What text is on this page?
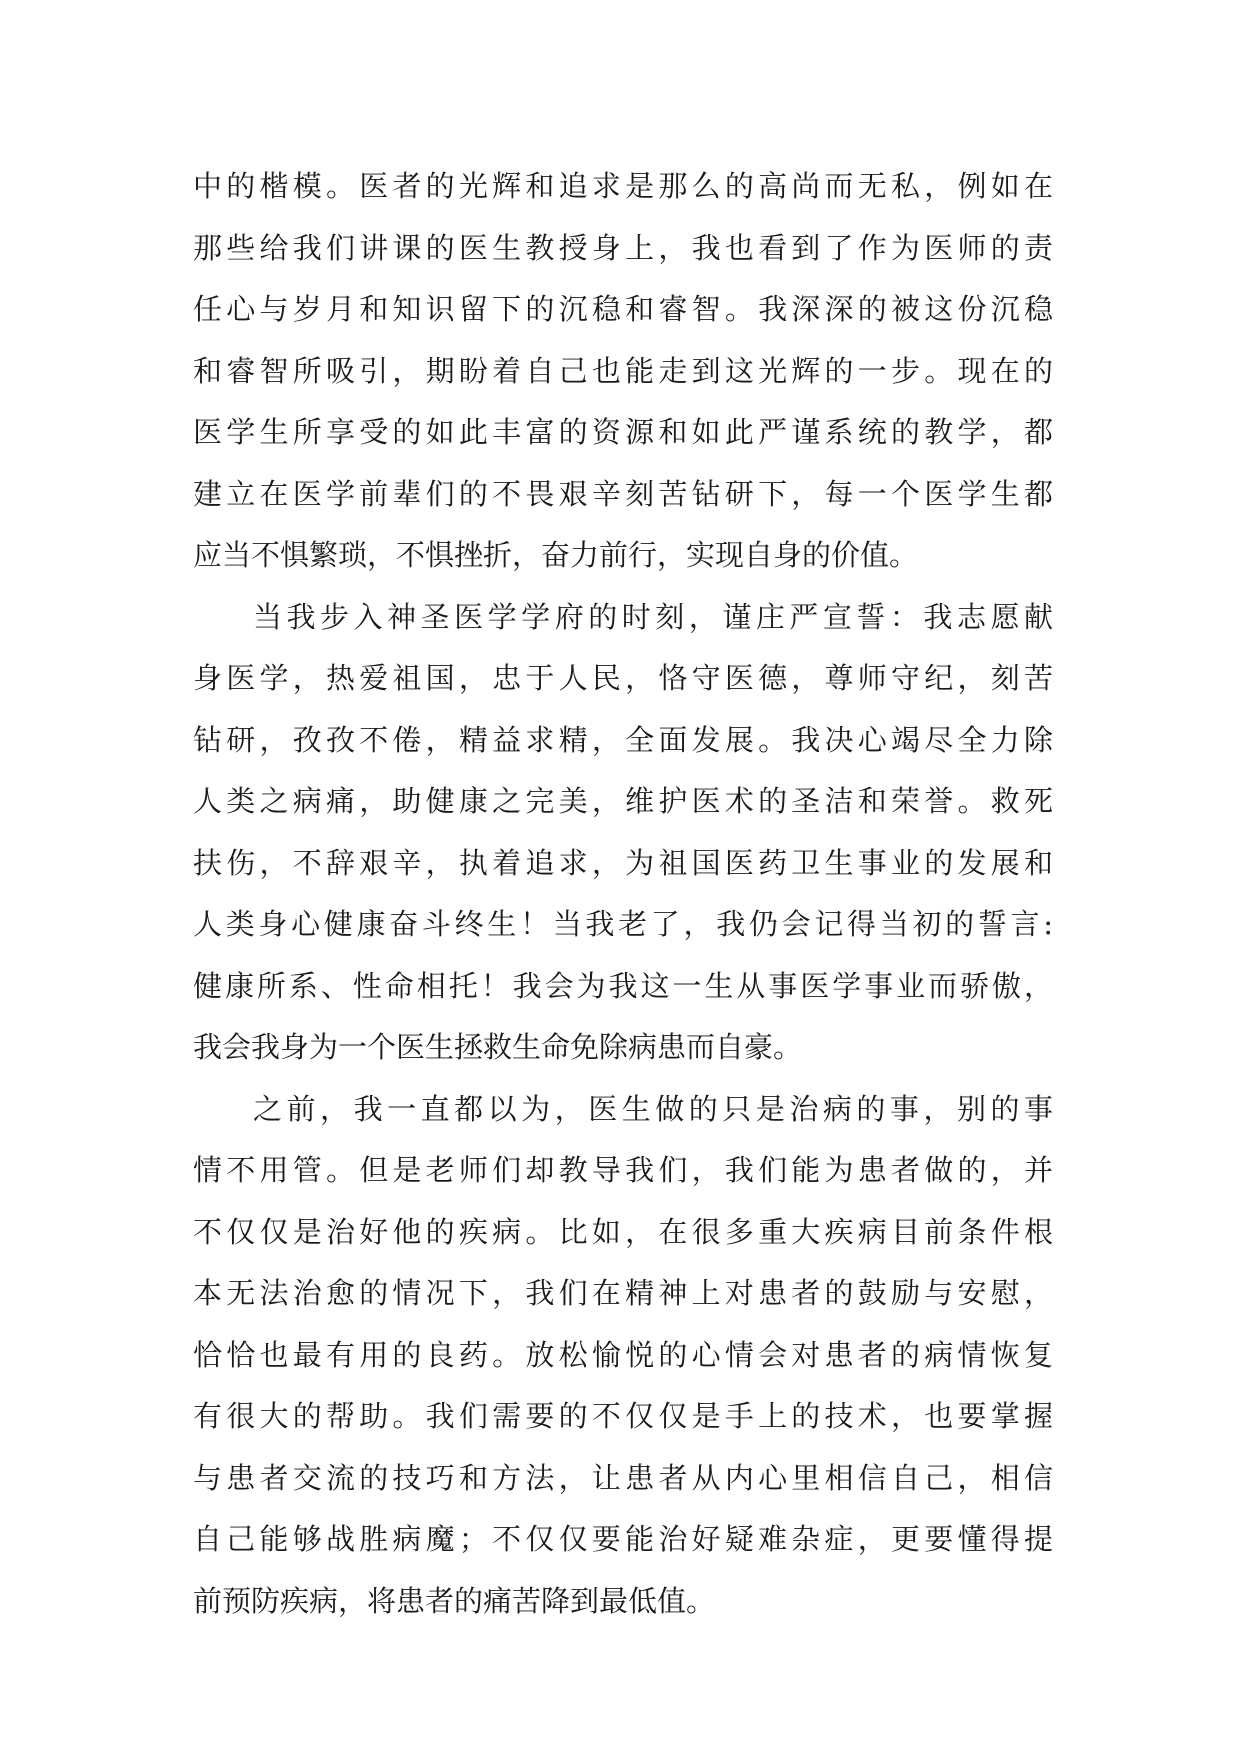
中的楷模。医者的光辉和追求是那么的高尚而无私，例如在
那些给我们讲课的医生教授身上，我也看到了作为医师的责
任心与岁月和知识留下的沉稳和睿智。我深深的被这份沉稳
和睿智所吸引，期盼着自己也能走到这光辉的一步。现在的
医学生所享受的如此丰富的资源和如此严谨系统的教学，都
建立在医学前辈们的不畏艰辛刻苦钻研下，每一个医学生都
应当不惧繁琐，不惧挫折，奋力前行，实现自身的价值。
当我步入神圣医学学府的时刻，谨庄严宣誓：我志愿献
身医学，热爱祖国，忠于人民，恪守医德，尊师守纪，刻苦
钻研，孜孜不倦，精益求精，全面发展。我决心竭尽全力除
人类之病痛，助健康之完美，维护医术的圣洁和荣誉。救死
扶伤，不辞艰辛，执着追求，为祖国医药卫生事业的发展和
人类身心健康奋斗终生！当我老了，我仍会记得当初的誓言:
健康所系、性命相托！我会为我这一生从事医学事业而骄傲，
我会我身为一个医生拯救生命免除病患而自豪。
之前，我一直都以为，医生做的只是治病的事，别的事
情不用管。但是老师们却教导我们，我们能为患者做的，并
不仅仅是治好他的疾病。比如，在很多重大疾病目前条件根
本无法治愈的情况下，我们在精神上对患者的鼓励与安慰，
恰恰也最有用的良药。放松愉悦的心情会对患者的病情恢复
有很大的帮助。我们需要的不仅仅是手上的技术，也要掌握
与患者交流的技巧和方法，让患者从内心里相信自己，相信
自己能够战胜病魔；不仅仅要能治好疑难杂症，更要懂得提
前预防疾病，将患者的痛苦降到最低值。
